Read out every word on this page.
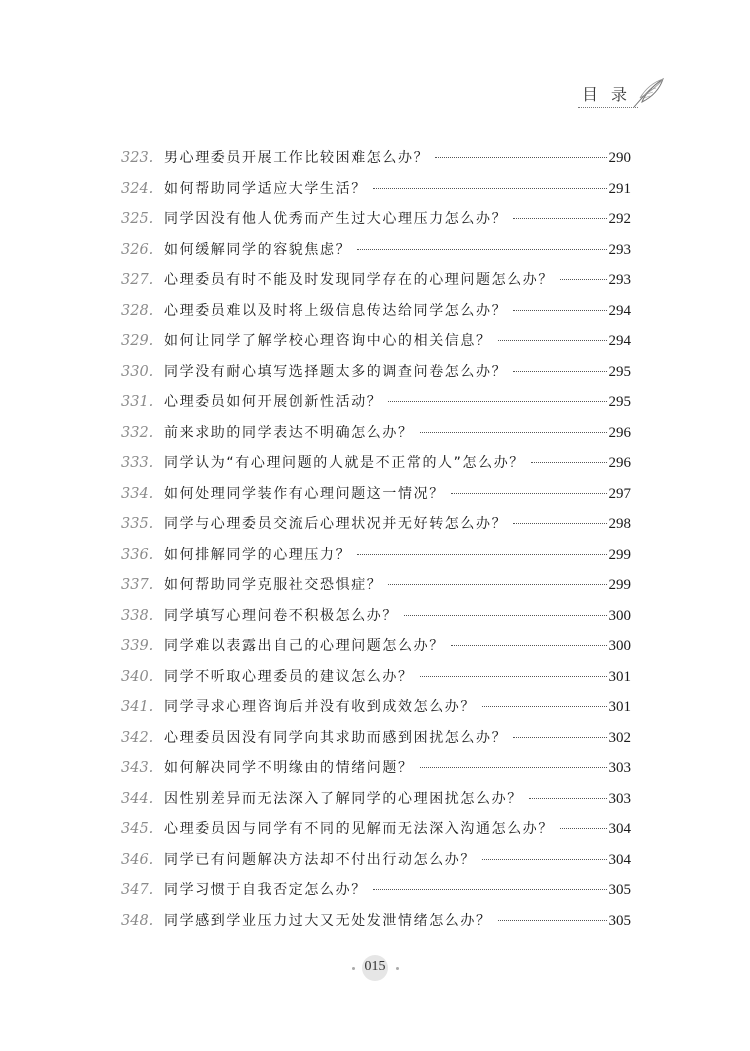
目录
323. 男心理委员开展工作比较困难怎么办？	290
324. 如何帮助同学适应大学生活？	291
325. 同学因没有他人优秀而产生过大心理压力怎么办？	292
326. 如何缓解同学的容貌焦虑？	293
327. 心理委员有时不能及时发现同学存在的心理问题怎么办？	293
328. 心理委员难以及时将上级信息传达给同学怎么办？	294
329. 如何让同学了解学校心理咨询中心的相关信息？	294
330. 同学没有耐心填写选择题太多的调查问卷怎么办？	295
331. 心理委员如何开展创新性活动？	295
332. 前来求助的同学表达不明确怎么办？	296
333. 同学认为“有心理问题的人就是不正常的人”怎么办？	296
334. 如何处理同学装作有心理问题这一情况？	297
335. 同学与心理委员交流后心理状况并无好转怎么办？	298
336. 如何排解同学的心理压力？	299
337. 如何帮助同学克服社交恐惧症？	299
338. 同学填写心理问卷不积极怎么办？	300
339. 同学难以表露出自己的心理问题怎么办？	300
340. 同学不听取心理委员的建议怎么办？	301
341. 同学寻求心理咨询后并没有收到成效怎么办？	301
342. 心理委员因没有同学向其求助而感到困扰怎么办？	302
343. 如何解决同学不明缘由的情绪问题？	303
344. 因性别差异而无法深入了解同学的心理困扰怎么办？	303
345. 心理委员因与同学有不同的见解而无法深入沟通怎么办？	304
346. 同学已有问题解决方法却不付出行动怎么办？	304
347. 同学习惯于自我否定怎么办？	305
348. 同学感到学业压力过大又无处发泄情绪怎么办？	305
015
